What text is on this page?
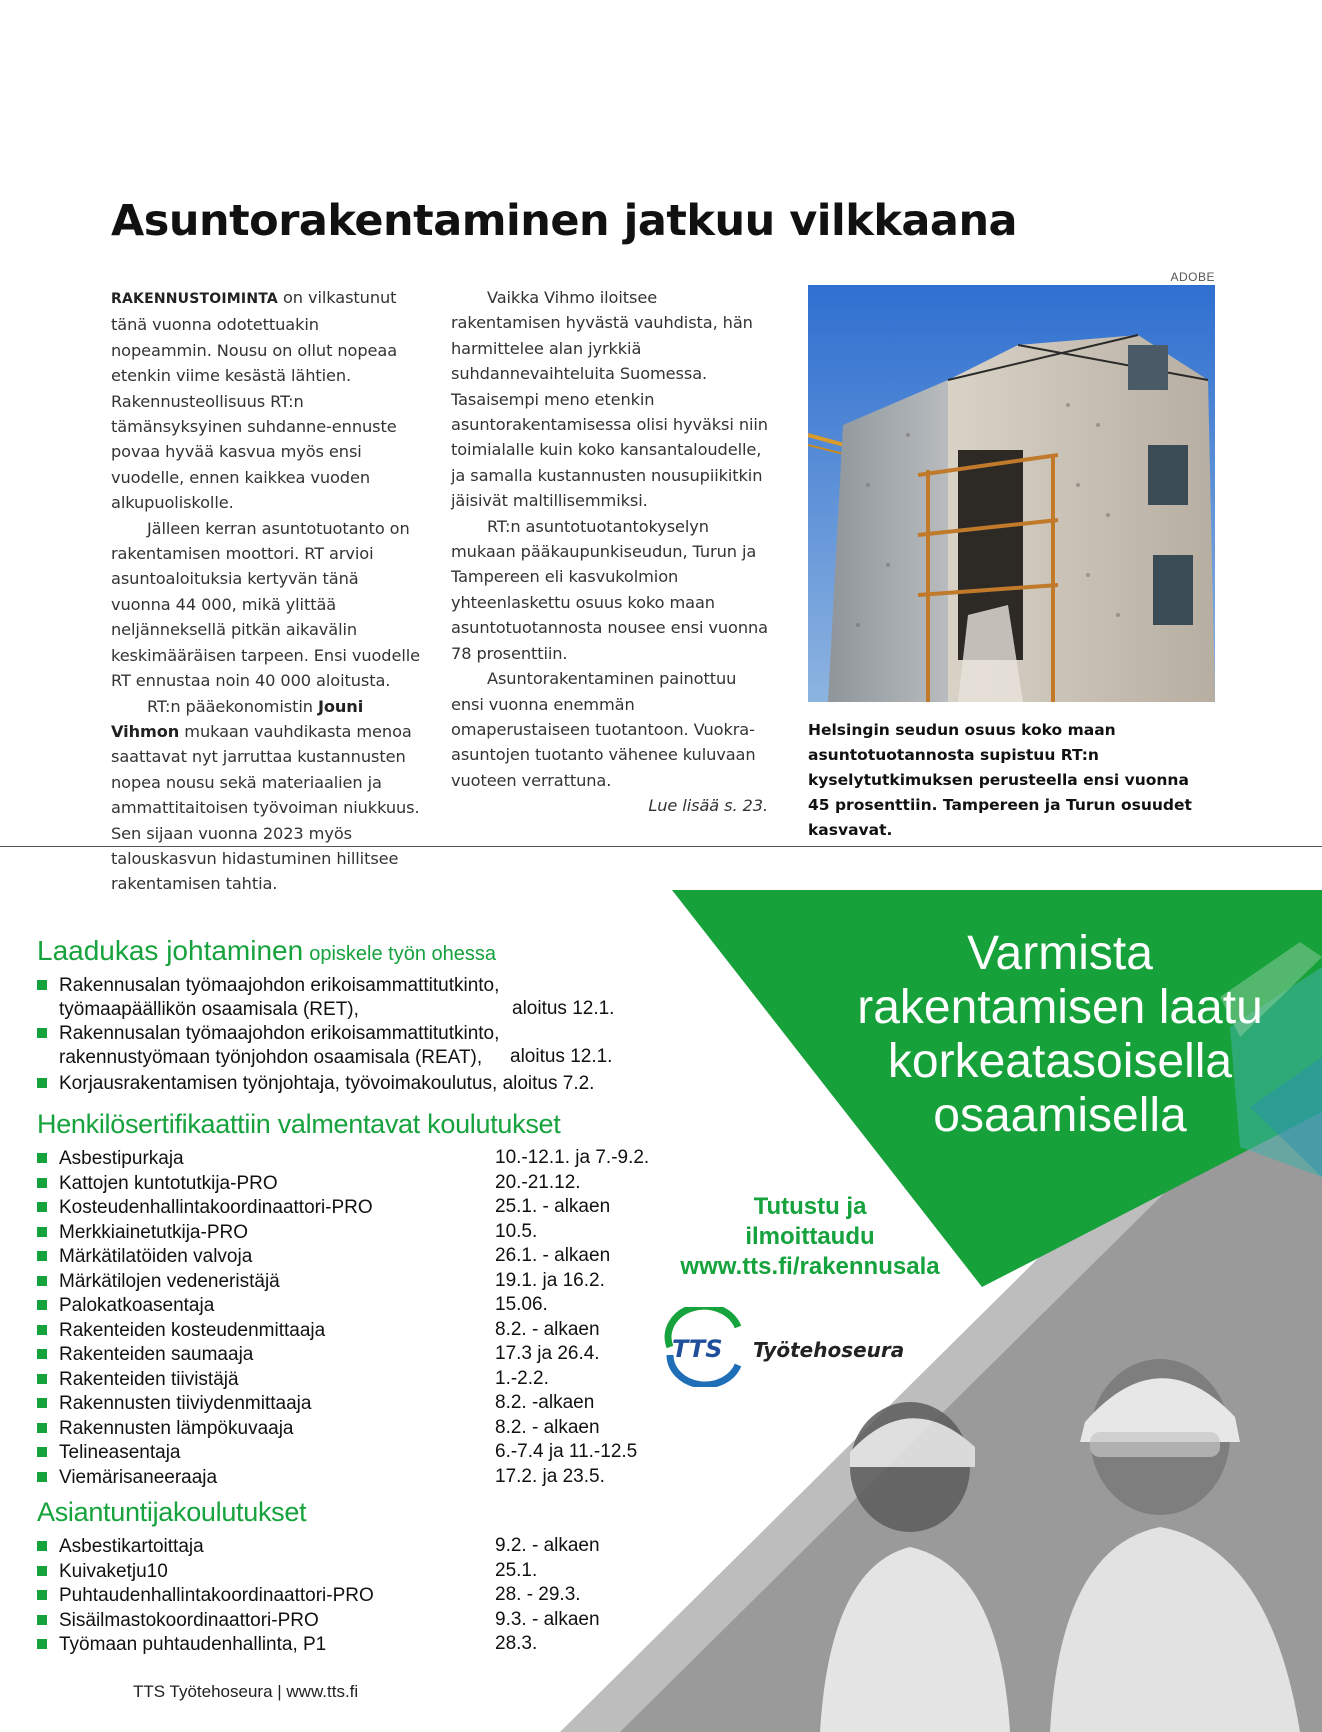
Asuntorakentaminen jatkuu vilkkaana

RAKENNUSTOIMINTA on vilkastunut tänä vuonna odotettuakin nopeammin. Nousu on ollut nopeaa etenkin viime kesästä lähtien. Rakennusteollisuus RT:n tämänsyksyinen suhdanne-ennuste povaa hyvää kasvua myös ensi vuodelle, ennen kaikkea vuoden alkupuoliskolle.

Jälleen kerran asuntotuotanto on rakentamisen moottori. RT arvioi asuntoaloituksia kertyvän tänä vuonna 44 000, mikä ylittää neljänneksellä pitkän aikavälin keskimääräisen tarpeen. Ensi vuodelle RT ennustaa noin 40 000 aloitusta.

RT:n pääekonomistin Jouni Vihmon mukaan vauhdikasta menoa saattavat nyt jarruttaa kustannusten nopea nousu sekä materiaalien ja ammattitaitoisen työvoiman niukkuus. Sen sijaan vuonna 2023 myös talouskasvun hidastuminen hillitsee rakentamisen tahtia.

Vaikka Vihmo iloitsee rakentamisen hyvästä vauhdista, hän harmittelee alan jyrkkiä suhdannevaihteluita Suomessa. Tasaisempi meno etenkin asuntorakentamisessa olisi hyväksi niin toimialalle kuin koko kansantaloudelle, ja samalla kustannusten nousupiikitkin jäisivät maltillisemmiksi.

RT:n asuntotuotantokyselyn mukaan pääkaupunkiseudun, Turun ja Tampereen eli kasvukolmion yhteenlaskettu osuus koko maan asuntotuotannosta nousee ensi vuonna 78 prosenttiin.

Asuntorakentaminen painottuu ensi vuonna enemmän omaperustaiseen tuotantoon. Vuokra-asuntojen tuotanto vähenee kuluvaan vuoteen verrattuna.

Lue lisää s. 23.

ADOBE
Helsingin seudun osuus koko maan asuntotuotannosta supistuu RT:n kyselytutkimuksen perusteella ensi vuonna 45 prosenttiin. Tampereen ja Turun osuudet kasvavat.
Laadukas johtaminen opiskele työn ohessa
Rakennusalan työmaajohdon erikoisammattitutkinto,
työmaapäällikön osaamisala (RET),	aloitus 12.1.
Rakennusalan työmaajohdon erikoisammattitutkinto,
rakennustyömaan työnjohdon osaamisala (REAT), aloitus 12.1.
Korjausrakentamisen työnjohtaja, työvoimakoulutus, aloitus 7.2.
Henkilösertifikaattiin valmentavat koulutukset
Asbestipurkaja	10.-12.1. ja 7.-9.2.
Kattojen kuntotutkija-PRO	20.-21.12.
Kosteudenhallintakoordinaattori-PRO	25.1. - alkaen
Merkkiainetutkija-PRO	10.5.
Märkätilatöiden valvoja	26.1. - alkaen
Märkätilojen vedeneristäjä	19.1. ja 16.2.
Palokatkoasentaja	15.06.
Rakenteiden kosteudenmittaaja	8.2. - alkaen
Rakenteiden saumaaja	17.3 ja 26.4.
Rakenteiden tiivistäjä	1.-2.2.
Rakennusten tiiviydenmittaaja	8.2. -alkaen
Rakennusten lämpökuvaaja	8.2. - alkaen
Telineasentaja	6.-7.4 ja 11.-12.5
Viemärisaneeraaja	17.2. ja 23.5.
Asiantuntijakoulutukset
Asbestikartoittaja	9.2. - alkaen
Kuivaketju10	25.1.
Puhtaudenhallintakoordinaattori-PRO	28. - 29.3.
Sisäilmastokoordinaattori-PRO	9.3. - alkaen
Työmaan puhtaudenhallinta, P1	28.3.
Varmista
rakentamisen laatu
korkeatasoisella
osaamisella
Tutustu ja
ilmoittaudu
www.tts.fi/rakennusala
TTS Työtehoseura
TTS Työtehoseura | www.tts.fi
